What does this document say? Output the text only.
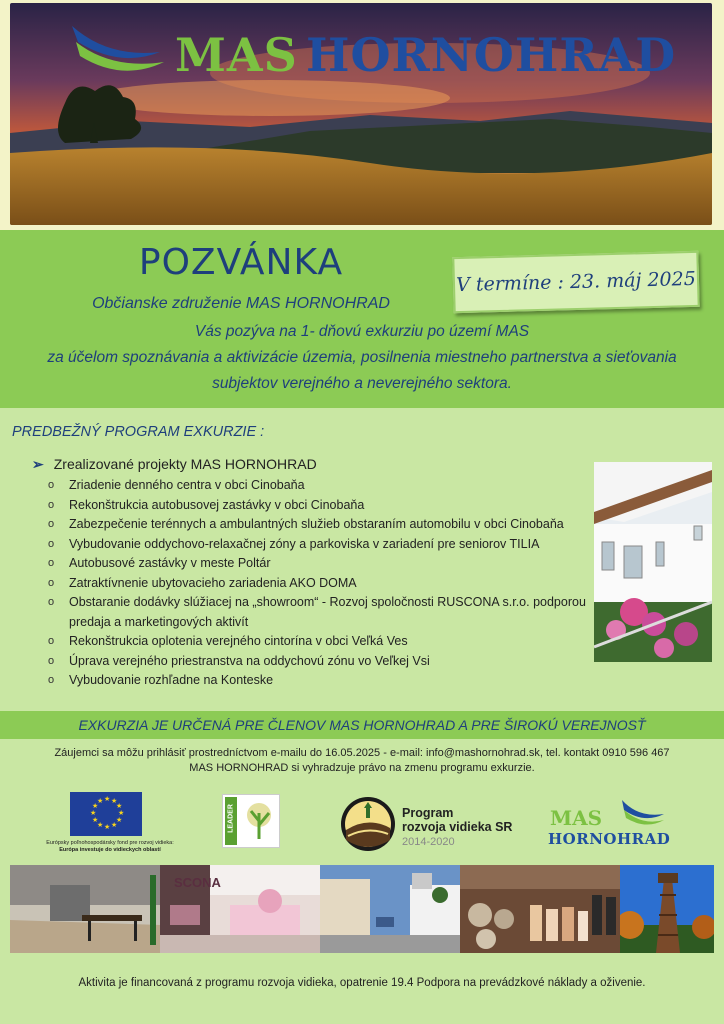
MAS HORNOHRAD
POZVÁNKA
Občianske združenie MAS HORNOHRAD
Vás pozýva na 1- dňovú exkurziu po území MAS
za účelom spoznávania a aktivizácie územia, posilnenia miestneho partnerstva a sieťovania
subjektov verejného a neverejného sektora.
V termíne : 23. máj 2025
PREDBEŽNÝ PROGRAM EXKURZIE :
➢ Zrealizované projekty MAS HORNOHRAD
o Zriadenie denného centra v obci Cinobaňa
o Rekonštrukcia autobusovej zastávky v obci Cinobaňa
o Zabezpečenie terénnych a ambulantných služieb obstaraním automobilu v obci Cinobaňa
o Vybudovanie oddychovo-relaxačnej zóny a parkoviska v zariadení pre seniorov TILIA
o Autobusové zastávky v meste Poltár
o Zatraktívnenie ubytovacieho zariadenia AKO DOMA
o Obstaranie dodávky slúžiacej na „showroom“ - Rozvoj spoločnosti RUSCONA s.r.o. podporou predaja a marketingových aktivít
o Rekonštrukcia oplotenia verejného cintorína v obci Veľká Ves
o Úprava verejného priestranstva na oddychovú zónu vo Veľkej Vsi
o Vybudovanie rozhľadne na Konteske
EXKURZIA JE URČENÁ PRE ČLENOV MAS HORNOHRAD A PRE ŠIROKÚ VEREJNOSŤ
Záujemci sa môžu prihlásiť prostredníctvom e-mailu do 16.05.2025 - e-mail: info@mashornohrad.sk, tel. kontakt 0910 596 467
MAS HORNOHRAD si vyhradzuje právo na zmenu programu exkurzie.
★ ★
★
★
★
★
★
★
★
★
★
★
Európsky poľnohospodársky fond pre rozvoj vidieka:
Európa investuje do vidieckych oblastí
LEADER	Program
rozvoja vidieka SR
2014-2020
MAS
HORNOHRAD
SCONA
Aktivita je financovaná z programu rozvoja vidieka, opatrenie 19.4 Podpora na prevádzkové náklady a oživenie.
